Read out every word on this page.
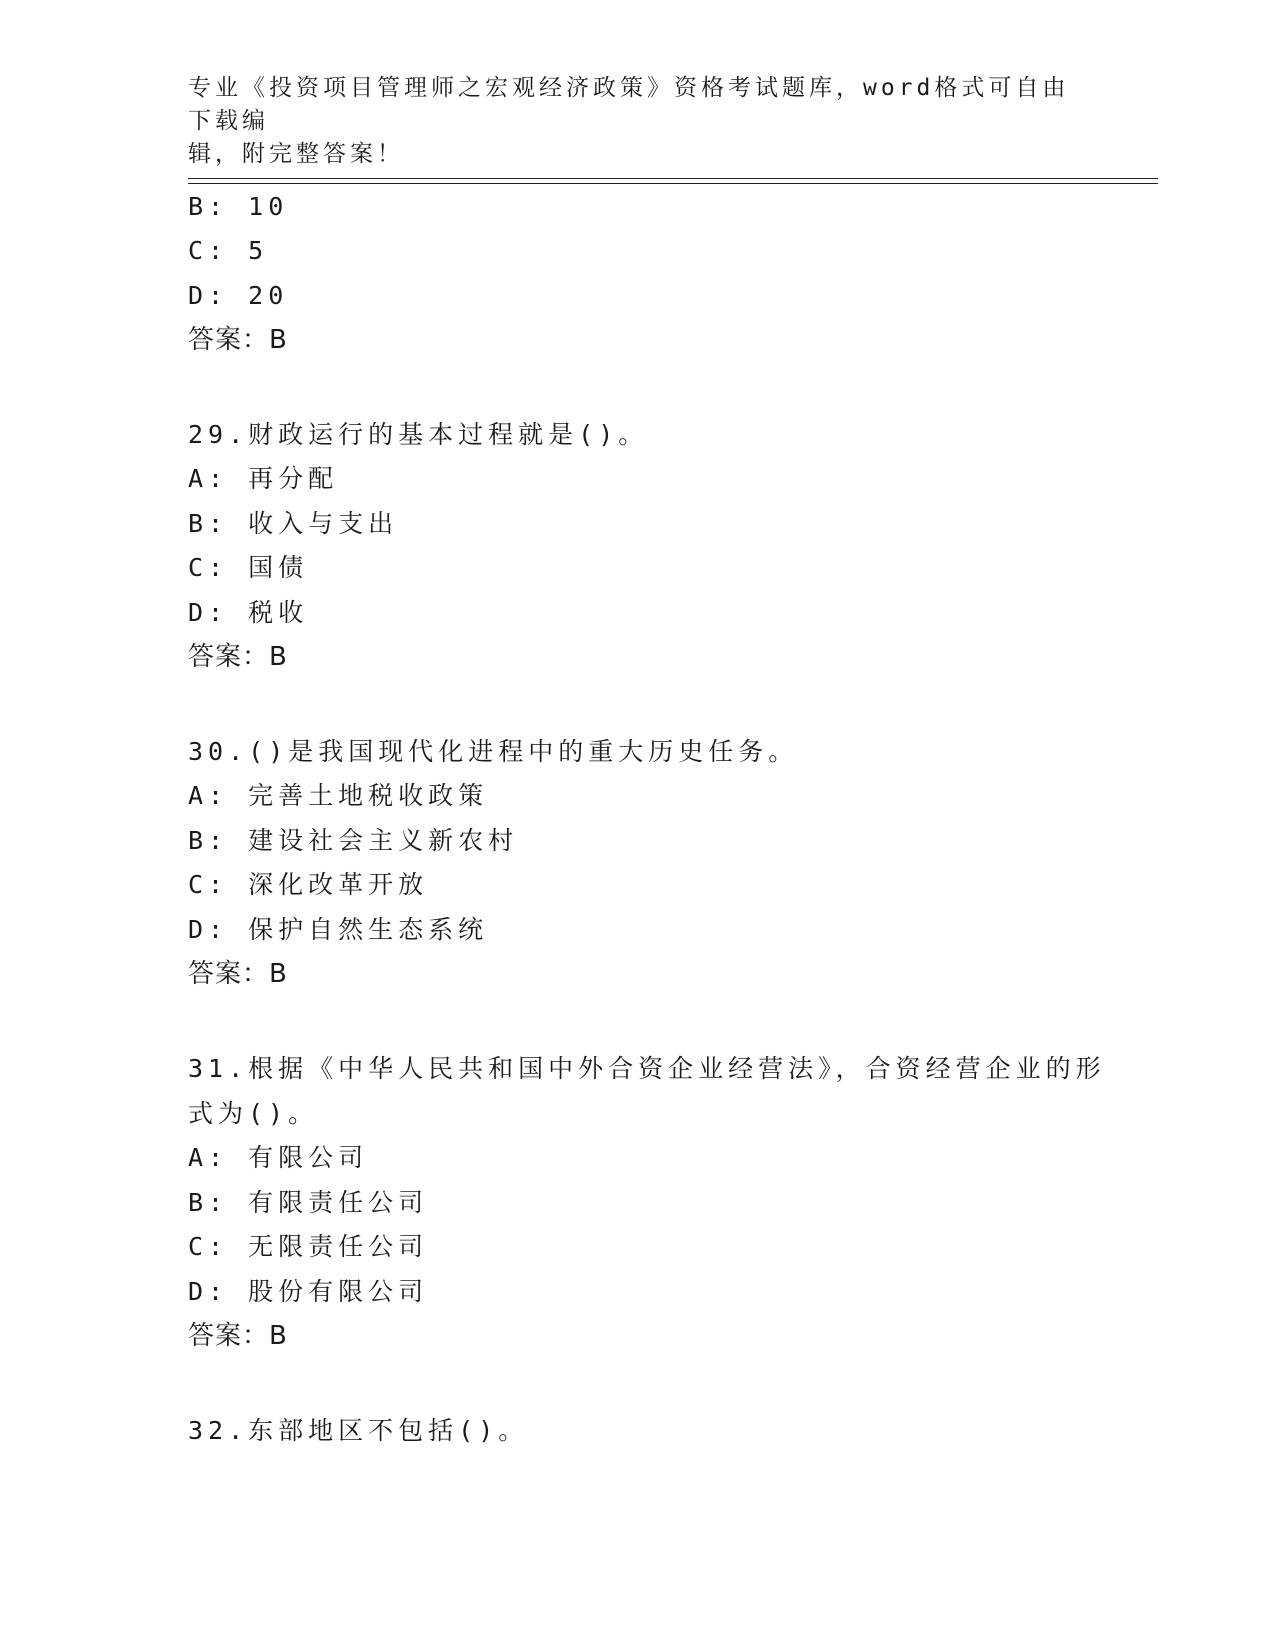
专业《投资项目管理师之宏观经济政策》资格考试题库，word格式可自由下载编
辑，附完整答案！
B: 10
C: 5
D: 20
答案：B
29.财政运行的基本过程就是()。
A: 再分配
B: 收入与支出
C: 国债
D: 税收
答案：B
30.()是我国现代化进程中的重大历史任务。
A: 完善土地税收政策
B: 建设社会主义新农村
C: 深化改革开放
D: 保护自然生态系统
答案：B
31.根据《中华人民共和国中外合资企业经营法》，合资经营企业的形
式为()。
A: 有限公司
B: 有限责任公司
C: 无限责任公司
D: 股份有限公司
答案：B
32.东部地区不包括()。
